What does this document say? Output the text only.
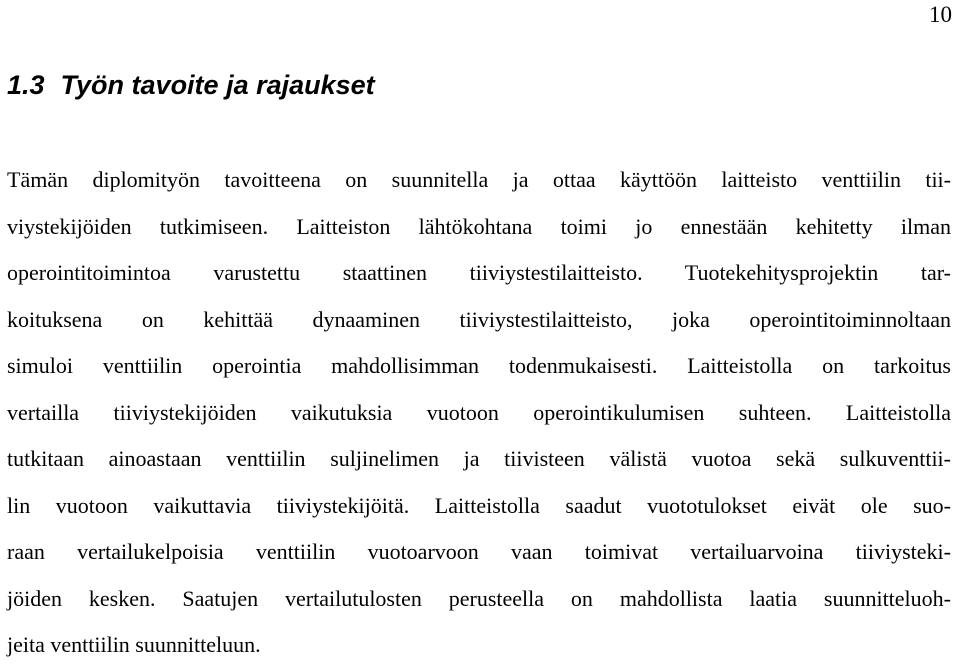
10
1.3 Työn tavoite ja rajaukset
Tämän diplomityön tavoitteena on suunnitella ja ottaa käyttöön laitteisto venttiilin tii-
viystekijöiden tutkimiseen. Laitteiston lähtökohtana toimi jo ennestään kehitetty ilman
operointitoimintoa varustettu staattinen tiiviystestilaitteisto. Tuotekehitysprojektin tar-
koituksena on kehittää dynaaminen tiiviystestilaitteisto, joka operointitoiminnoltaan
simuloi venttiilin operointia mahdollisimman todenmukaisesti. Laitteistolla on tarkoitus
vertailla tiiviystekijöiden vaikutuksia vuotoon operointikulumisen suhteen. Laitteistolla
tutkitaan ainoastaan venttiilin suljinelimen ja tiivisteen välistä vuotoa sekä sulkuventtii-
lin vuotoon vaikuttavia tiiviystekijöitä. Laitteistolla saadut vuototulokset eivät ole suo-
raan vertailukelpoisia venttiilin vuotoarvoon vaan toimivat vertailuarvoina tiiviysteki-
jöiden kesken. Saatujen vertailutulosten perusteella on mahdollista laatia suunnitteluoh-
jeita venttiilin suunnitteluun.
